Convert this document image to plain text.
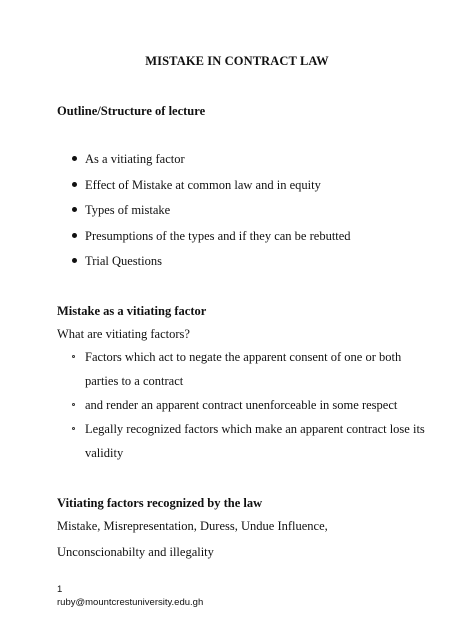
MISTAKE IN CONTRACT LAW
Outline/Structure of lecture
As a vitiating factor
Effect of Mistake at common law and in equity
Types of mistake
Presumptions of the types and if they can be rebutted
Trial Questions
Mistake as a vitiating factor
What are vitiating factors?
Factors which act to negate the apparent consent of one or both parties to a contract
and render an apparent contract unenforceable in some respect
Legally recognized factors which make an apparent contract lose its validity
Vitiating factors recognized by the law
Mistake, Misrepresentation, Duress, Undue Influence, Unconscionabilty and illegality
1
ruby@mountcrestuniversity.edu.gh
